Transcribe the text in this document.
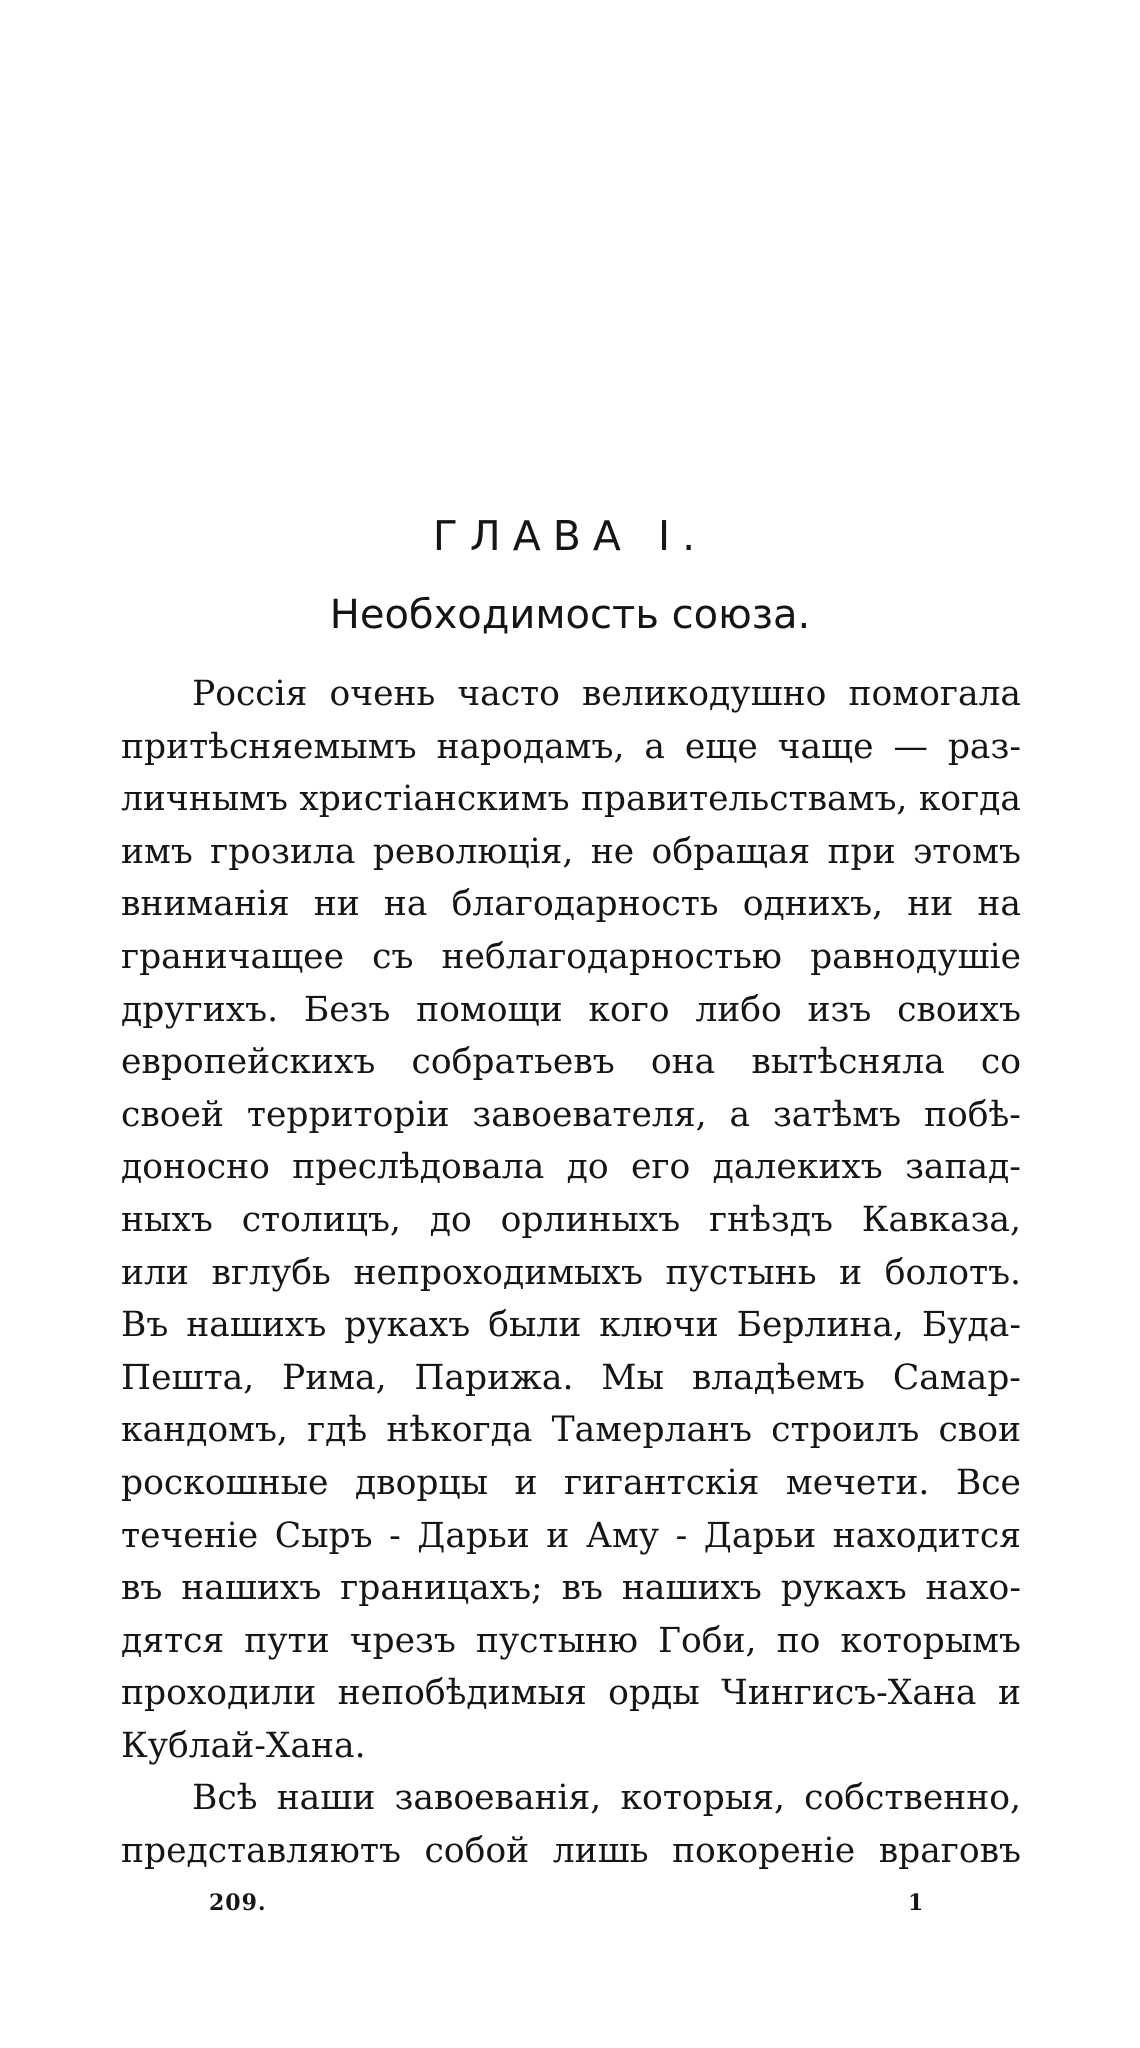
ГЛАВА I.
Необходимость союза.
Россія очень часто великодушно помогала
притѣсняемымъ народамъ, а еще чаще — раз-
личнымъ христіанскимъ правительствамъ, когда
имъ грозила революція, не обращая при этомъ
вниманія ни на благодарность однихъ, ни на
граничащее съ неблагодарностью равнодушіе
другихъ. Безъ помощи кого либо изъ своихъ
европейскихъ собратьевъ она вытѣсняла со
своей территоріи завоевателя, а затѣмъ побѣ-
доносно преслѣдовала до его далекихъ запад-
ныхъ столицъ, до орлиныхъ гнѣздъ Кавказа,
или вглубь непроходимыхъ пустынь и болотъ.
Въ нашихъ рукахъ были ключи Берлина, Буда-
Пешта, Рима, Парижа. Мы владѣемъ Самар-
кандомъ, гдѣ нѣкогда Тамерланъ строилъ свои
роскошные дворцы и гигантскія мечети. Все
теченіе Сыръ - Дарьи и Аму - Дарьи находится
въ нашихъ границахъ; въ нашихъ рукахъ нахо-
дятся пути чрезъ пустыню Гоби, по которымъ
проходили непобѣдимыя орды Чингисъ-Хана и
Кублай-Хана.
Всѣ наши завоеванія, которыя, собственно,
представляютъ собой лишь покореніе враговъ
209.	1
